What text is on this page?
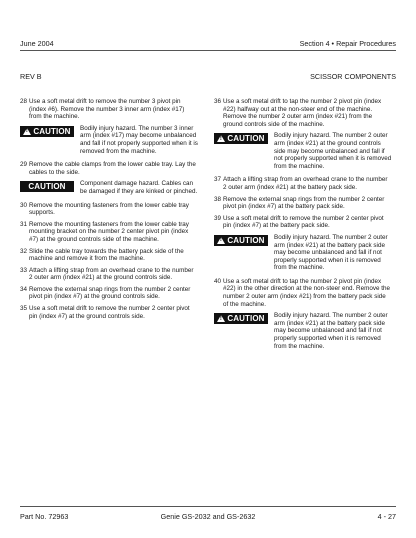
June 2004	Section 4 • Repair Procedures
REV B	SCISSOR COMPONENTS
28 Use a soft metal drift to remove the number 3 pivot pin (index #6). Remove the number 3 inner arm (index #17) from the machine.
!
CAUTION Bodily injury hazard. The number 3 inner arm (index #17) may become unbalanced and fall if not properly supported when it is removed from the machine.
29 Remove the cable clamps from the lower cable tray. Lay the cables to the side.
CAUTION Component damage hazard. Cables can be damaged if they are kinked or pinched.
30 Remove the mounting fasteners from the lower cable tray supports.
31 Remove the mounting fasteners from the lower cable tray mounting bracket on the number 2 center pivot pin (index #7) at the ground controls side of the machine.
32 Slide the cable tray towards the battery pack side of the machine and remove it from the machine.
33 Attach a lifting strap from an overhead crane to the number 2 outer arm (index #21) at the ground controls side.
34 Remove the external snap rings from the number 2 center pivot pin (index #7) at the ground controls side.
35 Use a soft metal drift to remove the number 2 center pivot pin (index #7) at the ground controls side.
36 Use a soft metal drift to tap the number 2 pivot pin (index #22) halfway out at the non-steer end of the machine. Remove the number 2 outer arm (index #21) from the ground controls side of the machine.
!
CAUTION Bodily injury hazard. The number 2 outer arm (index #21) at the ground controls side may become unbalanced and fall if not properly supported when it is removed from the machine.
37 Attach a lifting strap from an overhead crane to the number 2 outer arm (index #21) at the battery pack side.
38 Remove the external snap rings from the number 2 center pivot pin (index #7) at the battery pack side.
39 Use a soft metal drift to remove the number 2 center pivot pin (index #7) at the battery pack side.
!
CAUTION Bodily injury hazard. The number 2 outer arm (index #21) at the battery pack side may become unbalanced and fall if not properly supported when it is removed from the machine.
40 Use a soft metal drift to tap the number 2 pivot pin (index #22) in the other direction at the non-steer end. Remove the number 2 outer arm (index #21) from the battery pack side of the machine.
!
CAUTION Bodily injury hazard. The number 2 outer arm (index #21) at the battery pack side may become unbalanced and fall if not properly supported when it is removed from the machine.
Part No. 72963	Genie GS-2032 and GS-2632	4 - 27
